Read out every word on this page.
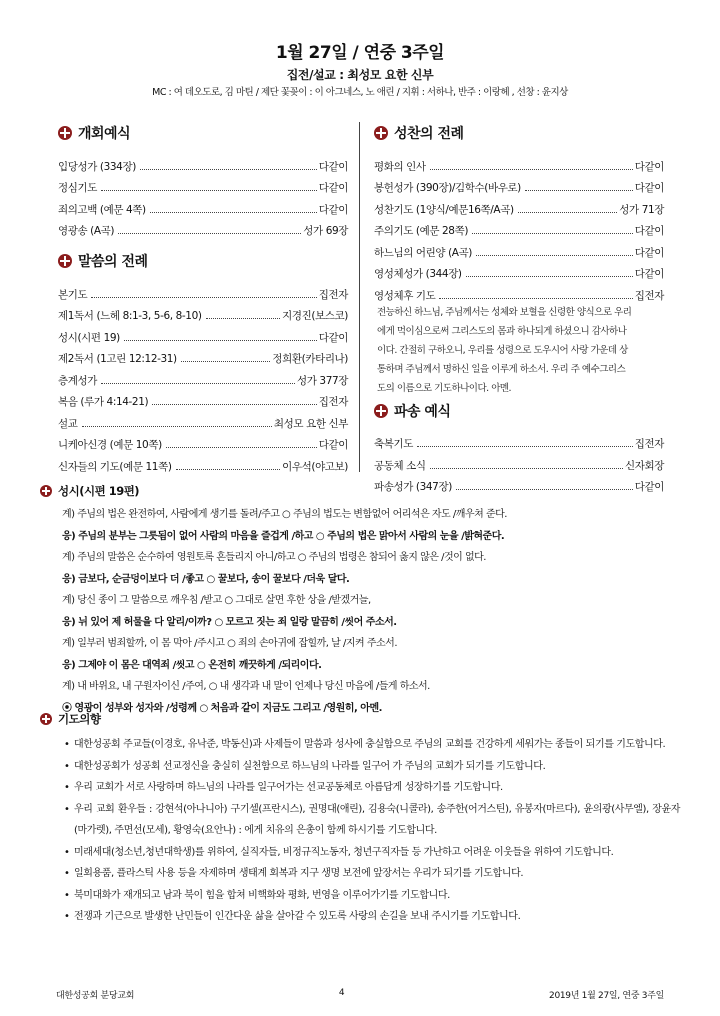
1월 27일 / 연중 3주일
집전/설교 : 최성모 요한 신부
MC : 여 데오도로, 김 마틴 / 제단 꽃꽂이 : 이 아그네스, 노 애린 / 지휘 : 서하나, 반주 : 이랑헤 , 선창 : 윤지상
개회예식
입당성가 (334장)	다같이
정심기도	다같이
죄의고백 (예문 4쪽)	다같이
영광송 (A곡)	성가 69장
말씀의 전례
본기도	집전자
제1독서 (느헤 8:1-3, 5-6, 8-10)	지경진(보스코)
성시(시편 19)	다같이
제2독서 (1고린 12:12-31)	정희환(카타리나)
층계성가	성가 377장
복음 (루가 4:14-21)	집전자
설교	최성모 요한 신부
니케아신경 (예문 10쪽)	다같이
신자들의 기도(예문 11쪽)	이우석(야고보)
성찬의 전례
평화의 인사	다같이
봉헌성가 (390장)/김학수(바우로)	다같이
성찬기도 (1양식/예문16쪽/A곡)	성가 71장
주의기도 (예문 28쪽)	다같이
하느님의 어린양 (A곡)	다같이
영성체성가 (344장)	다같이
영성체후 기도	집전자
전능하신 하느님, 주님께서는 성체와 보혈을 신령한 양식으로 우리
에게 먹이심으로써 그리스도의 몸과 하나되게 하셨으니 감사하나
이다. 간절히 구하오니, 우리를 성령으로 도우시어 사랑 가운데 상
통하며 주님께서 명하신 일을 이루게 하소서. 우리 주 예수그리스
도의 이름으로 기도하나이다. 아멘.
파송 예식
축복기도	집전자
공동체 소식	신자회장
파송성가 (347장)	다같이
성시(시편 19편)
계) 주님의 법은 완전하여, 사람에게 생기를 돌려/주고 ○ 주님의 법도는 변함없어 어리석은 자도 /깨우쳐 준다.
응) 주님의 분부는 그릇됨이 없어 사람의 마음을 즐겁게 /하고 ○ 주님의 법은 맑아서 사람의 눈을 /밝혀준다.
계) 주님의 말씀은 순수하여 영원토록 흔들리지 아니/하고 ○ 주님의 법령은 참되어 옳지 않은 /것이 없다.
응) 금보다, 순금덩이보다 더 /좋고 ○ 꿀보다, 송이 꿀보다 /더욱 달다.
계) 당신 종이 그 말씀으로 깨우침 /받고 ○ 그대로 살면 후한 상을 /받겠거늘,
응) 뉘 있어 제 허물을 다 알리/이까? ○ 모르고 짓는 죄 일랑 말끔히 /씻어 주소서.
계) 일부러 범죄할까, 이 몸 막아 /주시고 ○ 죄의 손아귀에 잡힐까, 날 /지켜 주소서.
응) 그제야 이 몸은 대역죄 /씻고 ○ 온전히 깨끗하게 /되리이다.
계) 내 바위요, 내 구원자이신 /주여, ○ 내 생각과 내 말이 언제나 당신 마음에 /들게 하소서.
⦿ 영광이 성부와 성자와 /성령께 ○ 처음과 같이 지금도 그리고 /영원히, 아멘.
기도의향
• 대한성공회 주교들(이경호, 유낙준, 박동신)과 사제들이 말씀과 성사에 충실함으로 주님의 교회를 건강하게 세워가는 종들이 되기를 기도합니다.
• 대한성공회가 성공회 선교정신을 충실히 실천함으로 하느님의 나라를 일구어 가 주님의 교회가 되기를 기도합니다.
• 우리 교회가 서로 사랑하며 하느님의 나라를 일구어가는 선교공동체로 아름답게 성장하기를 기도합니다.
• 우리 교회 환우들 : 강현석(아나니아) 구기셀(프란시스), 권명대(애린), 김용숙(니콜라), 송주한(어거스틴), 유봉자(마르다), 윤의광(사무엘), 장윤자(마가렛), 주면선(모세), 황영숙(요안나) : 에게 치유의 은총이 함께 하시기를 기도합니다.
• 미래세대(청소년,청년대학생)를 위하여, 실직자들, 비정규직노동자, 청년구직자들 등 가난하고 어려운 이웃들을 위하여 기도합니다.
• 일회용품, 플라스틱 사용 등을 자제하며 생태계 회복과 지구 생명 보전에 앞장서는 우리가 되기를 기도합니다.
• 북미대화가 재개되고 남과 북이 힘을 합쳐 비핵화와 평화, 번영을 이루어가기를 기도합니다.
• 전쟁과 기근으로 발생한 난민들이 인간다운 삶을 살아갈 수 있도록 사랑의 손길을 보내 주시기를 기도합니다.
대한성공회 분당교회	4	2019년 1월 27일, 연중 3주일
